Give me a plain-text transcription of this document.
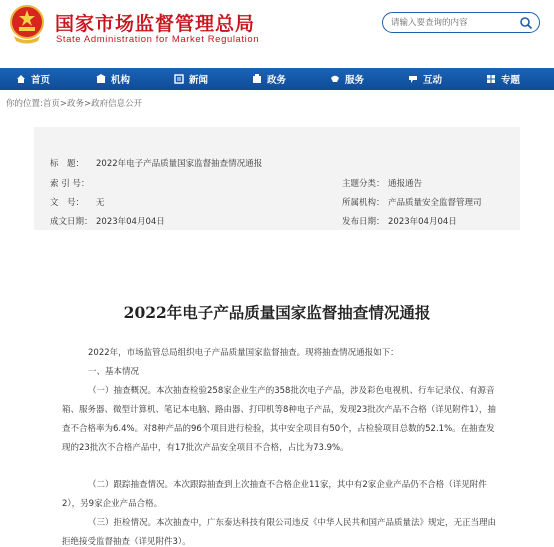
国家市场监督管理总局
State Administration for Market Regulation
请输入要查询的内容
首页	机构	新闻	政务	服务	互动	专题
你的位置:首页>政务>政府信息公开
标　题： 2022年电子产品质量国家监督抽查情况通报
索 引 号：
文　号： 无
成文日期： 2023年04月04日
主题分类： 通报通告
所属机构： 产品质量安全监督管理司
发布日期： 2023年04月04日
2022年电子产品质量国家监督抽查情况通报
2022年，市场监管总局组织电子产品质量国家监督抽查。现将抽查情况通报如下：
一、基本情况
（一）抽查概况。本次抽查检验258家企业生产的358批次电子产品，涉及彩色电视机、行车记录仪、有源音箱、服务器、微型计算机、笔记本电脑、路由器、打印机等8种电子产品，发现23批次产品不合格（详见附件1），抽查不合格率为6.4%。对8种产品的96个项目进行检验，其中安全项目有50个，占检验项目总数的52.1%。在抽查发现的23批次不合格产品中，有17批次产品安全项目不合格，占比为73.9%。
（二）跟踪抽查情况。本次跟踪抽查到上次抽查不合格企业11家，其中有2家企业产品仍不合格（详见附件2），另9家企业产品合格。
（三）拒检情况。本次抽查中，广东泰达科技有限公司违反《中华人民共和国产品质量法》规定，无正当理由拒绝接受监督抽查（详见附件3）。
